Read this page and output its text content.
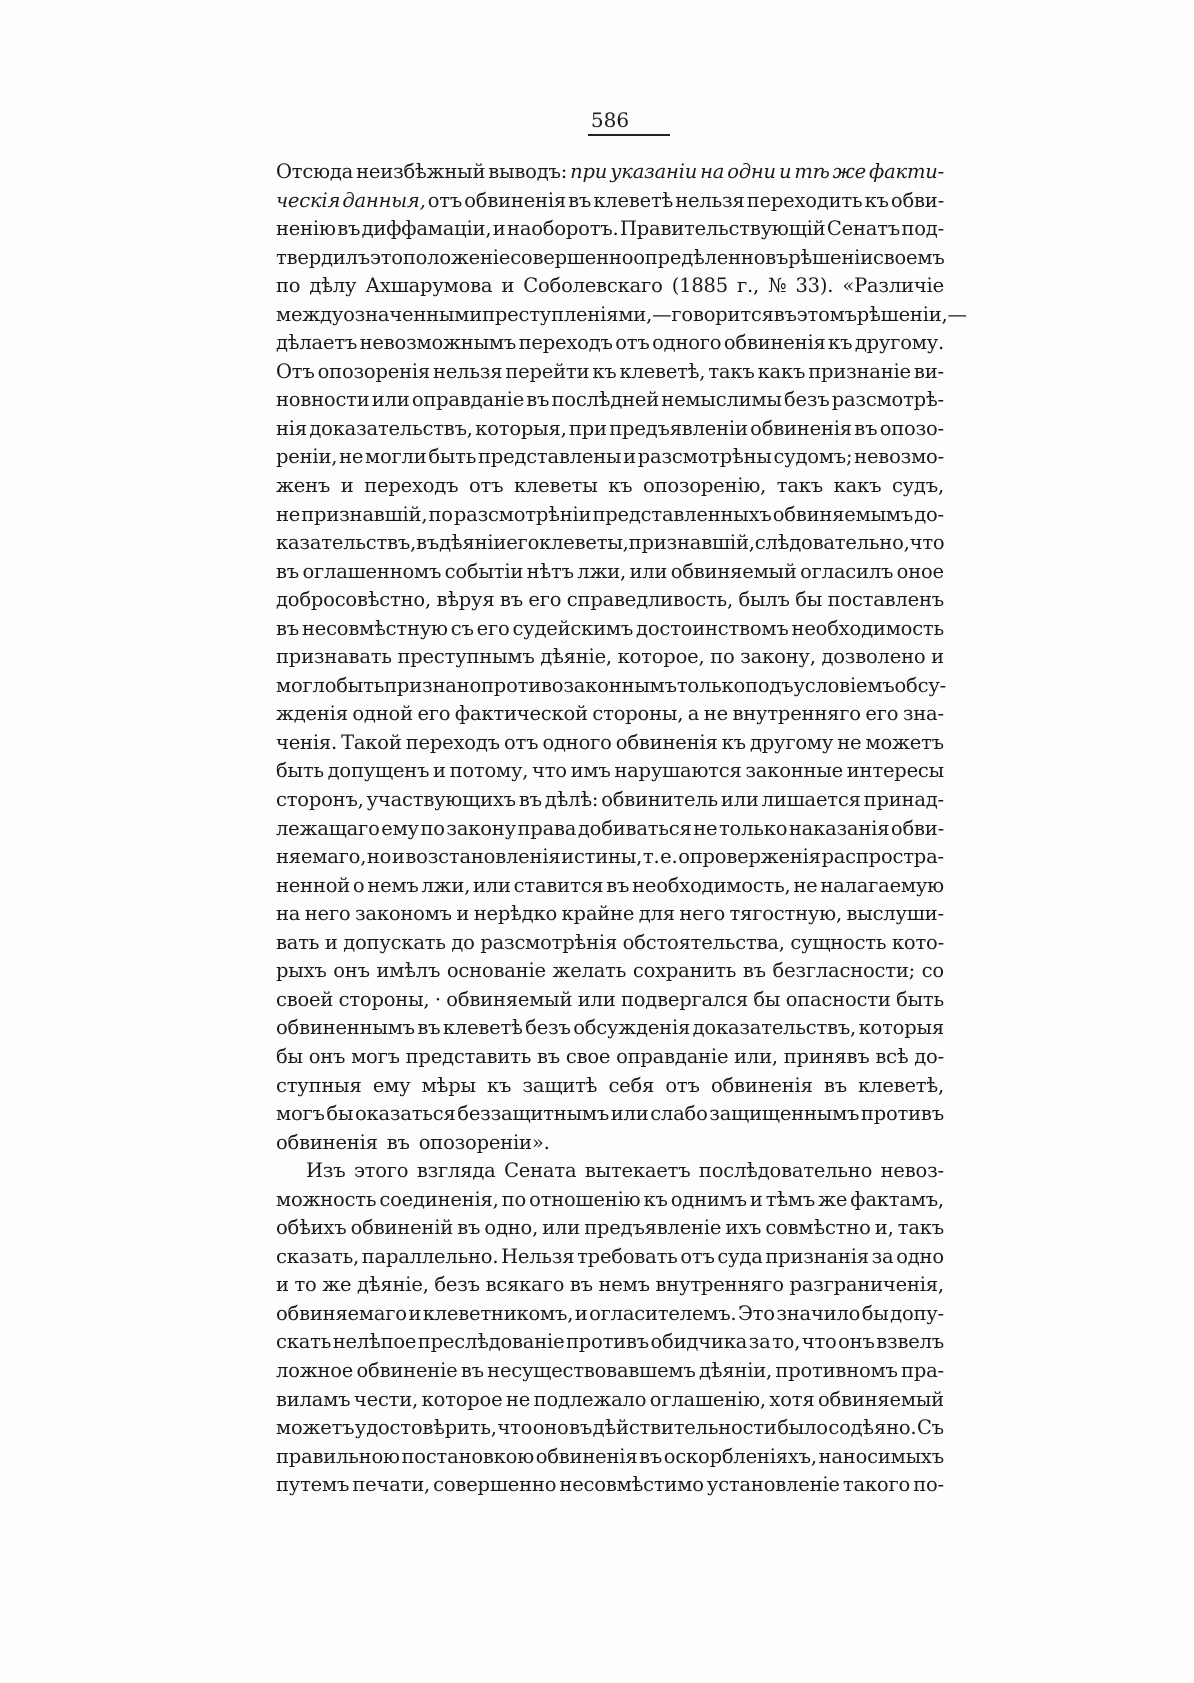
586
Отсюда неизбѣжный выводъ: при указаніи на одни и тѣ же факти-
ческія данныя, отъ обвиненія въ клеветѣ нельзя переходить къ обви-
ненію въ диффамаціи, и наоборотъ. Правительствующій Сенатъ под-
твердилъ это положеніе совершенно опредѣленно въ рѣшеніи своемъ
по дѣлу Ахшарумова и Соболевскаго (1885 г., № 33). «Различіе
между означенными преступленіями,—говорится въ этомъ рѣшеніи,—
дѣлаетъ невозможнымъ переходъ отъ одного обвиненія къ другому.
Отъ опозоренія нельзя перейти къ клеветѣ, такъ какъ признаніе ви-
новности или оправданіе въ послѣдней немыслимы безъ разсмотрѣ-
нія доказательствъ, которыя, при предъявленіи обвиненія въ опозо-
реніи, не могли быть представлены и разсмотрѣны судомъ; невозмо-
женъ и переходъ отъ клеветы къ опозоренію, такъ какъ судъ,
не признавшій, по разсмотрѣніи представленныхъ обвиняемымъ до-
казательствъ, въ дѣяніи его клеветы, признавшій, слѣдовательно, что
въ оглашенномъ событіи нѣтъ лжи, или обвиняемый огласилъ оное
добросовѣстно, вѣруя въ его справедливость, былъ бы поставленъ
въ несовмѣстную съ его судейскимъ достоинствомъ необходимость
признавать преступнымъ дѣяніе, которое, по закону, дозволено и
могло быть признано противозаконнымъ только подъ условіемъ обсу-
жденія одной его фактической стороны, а не внутренняго его зна-
ченія. Такой переходъ отъ одного обвиненія къ другому не можетъ
быть допущенъ и потому, что имъ нарушаются законные интересы
сторонъ, участвующихъ въ дѣлѣ: обвинитель или лишается принад-
лежащаго ему по закону права добиваться не только наказанія обви-
няемаго, но и возстановленія истины, т. е. опроверженія распростра-
ненной о немъ лжи, или ставится въ необходимость, не налагаемую
на него закономъ и нерѣдко крайне для него тягостную, выслуши-
вать и допускать до разсмотрѣнія обстоятельства, сущность кото-
рыхъ онъ имѣлъ основаніе желать сохранить въ безгласности; со
своей стороны, · обвиняемый или подвергался бы опасности быть
обвиненнымъ въ клеветѣ безъ обсужденія доказательствъ, которыя
бы онъ могъ представить въ свое оправданіе или, принявъ всѣ до-
ступныя ему мѣры къ защитѣ себя отъ обвиненія въ клеветѣ,
могъ бы оказаться беззащитнымъ или слабо защищеннымъ противъ
обвиненія въ опозореніи».
Изъ этого взгляда Сената вытекаетъ послѣдовательно невоз-
можность соединенія, по отношенію къ однимъ и тѣмъ же фактамъ,
обѣихъ обвиненій въ одно, или предъявленіе ихъ совмѣстно и, такъ
сказать, параллельно. Нельзя требовать отъ суда признанія за одно
и то же дѣяніе, безъ всякаго въ немъ внутренняго разграниченія,
обвиняемаго и клеветникомъ, и огласителемъ. Это значило бы допу-
скать нелѣпое преслѣдованіе противъ обидчика за то, что онъ взвелъ
ложное обвиненіе въ несуществовавшемъ дѣяніи, противномъ пра-
виламъ чести, которое не подлежало оглашенію, хотя обвиняемый
можетъ удостовѣрить, что оно въ дѣйствительности было содѣяно. Съ
правильною постановкою обвиненія въ оскорбленіяхъ, наносимыхъ
путемъ печати, совершенно несовмѣстимо установленіе такого по-
